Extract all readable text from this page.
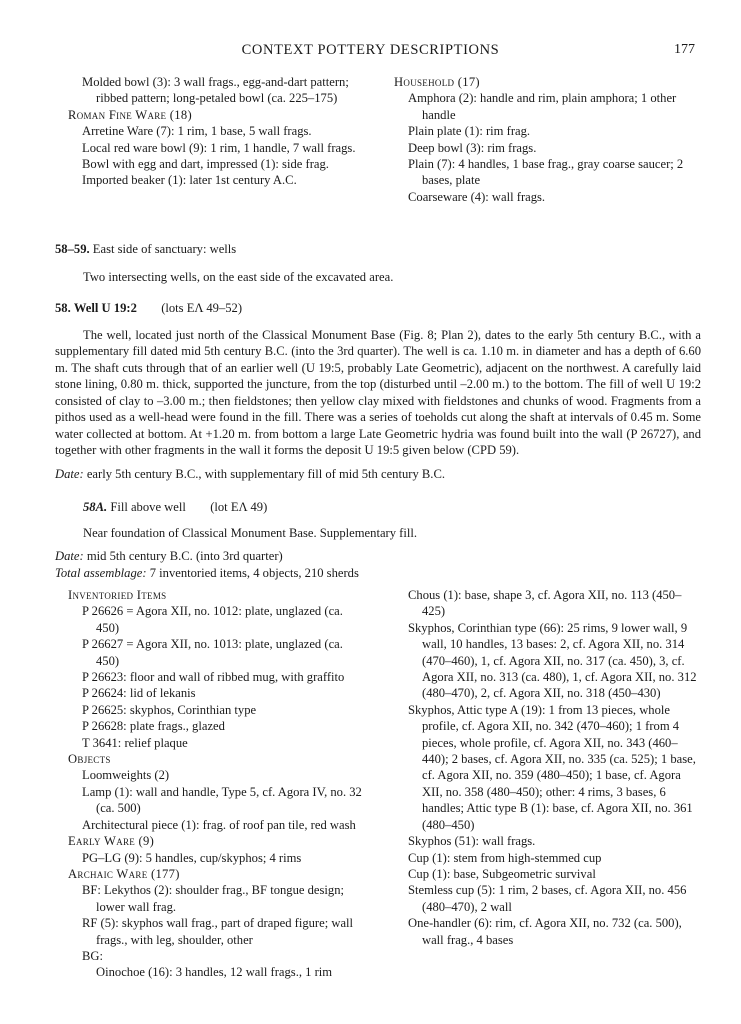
CONTEXT POTTERY DESCRIPTIONS	177
Molded bowl (3): 3 wall frags., egg-and-dart pattern; ribbed pattern; long-petaled bowl (ca. 225–175)
Roman Fine Ware (18)
Arretine Ware (7): 1 rim, 1 base, 5 wall frags.
Local red ware bowl (9): 1 rim, 1 handle, 7 wall frags.
Bowl with egg and dart, impressed (1): side frag.
Imported beaker (1): later 1st century A.C.
Household (17)
Amphora (2): handle and rim, plain amphora; 1 other handle
Plain plate (1): rim frag.
Deep bowl (3): rim frags.
Plain (7): 4 handles, 1 base frag., gray coarse saucer; 2 bases, plate
Coarseware (4): wall frags.
58–59. East side of sanctuary: wells
Two intersecting wells, on the east side of the excavated area.
58. Well U 19:2 (lots EΛ 49–52)
The well, located just north of the Classical Monument Base (Fig. 8; Plan 2), dates to the early 5th century B.C., with a supplementary fill dated mid 5th century B.C. (into the 3rd quarter). The well is ca. 1.10 m. in diameter and has a depth of 6.60 m. The shaft cuts through that of an earlier well (U 19:5, probably Late Geometric), adjacent on the northwest. A carefully laid stone lining, 0.80 m. thick, supported the juncture, from the top (disturbed until –2.00 m.) to the bottom. The fill of well U 19:2 consisted of clay to –3.00 m.; then fieldstones; then yellow clay mixed with fieldstones and chunks of wood. Fragments from a pithos used as a well-head were found in the fill. There was a series of toeholds cut along the shaft at intervals of 0.45 m. Some water collected at bottom. At +1.20 m. from bottom a large Late Geometric hydria was found built into the wall (P 26727), and together with other fragments in the wall it forms the deposit U 19:5 given below (CPD 59).
Date: early 5th century B.C., with supplementary fill of mid 5th century B.C.
58A. Fill above well (lot EΛ 49)
Near foundation of Classical Monument Base. Supplementary fill.
Date: mid 5th century B.C. (into 3rd quarter)
Total assemblage: 7 inventoried items, 4 objects, 210 sherds
Inventoried Items
P 26626 = Agora XII, no. 1012: plate, unglazed (ca. 450)
P 26627 = Agora XII, no. 1013: plate, unglazed (ca. 450)
P 26623: floor and wall of ribbed mug, with graffito
P 26624: lid of lekanis
P 26625: skyphos, Corinthian type
P 26628: plate frags., glazed
T 3641: relief plaque
Objects
Loomweights (2)
Lamp (1): wall and handle, Type 5, cf. Agora IV, no. 32 (ca. 500)
Architectural piece (1): frag. of roof pan tile, red wash
Early Ware (9)
PG–LG (9): 5 handles, cup/skyphos; 4 rims
Archaic Ware (177)
BF: Lekythos (2): shoulder frag., BF tongue design; lower wall frag.
RF (5): skyphos wall frag., part of draped figure; wall frags., with leg, shoulder, other
BG:
Oinochoe (16): 3 handles, 12 wall frags., 1 rim
Chous (1): base, shape 3, cf. Agora XII, no. 113 (450–425)
Skyphos, Corinthian type (66): 25 rims, 9 lower wall, 9 wall, 10 handles, 13 bases: 2, cf. Agora XII, no. 314 (470–460), 1, cf. Agora XII, no. 317 (ca. 450), 3, cf. Agora XII, no. 313 (ca. 480), 1, cf. Agora XII, no. 312 (480–470), 2, cf. Agora XII, no. 318 (450–430)
Skyphos, Attic type A (19): 1 from 13 pieces, whole profile, cf. Agora XII, no. 342 (470–460); 1 from 4 pieces, whole profile, cf. Agora XII, no. 343 (460–440); 2 bases, cf. Agora XII, no. 335 (ca. 525); 1 base, cf. Agora XII, no. 359 (480–450); 1 base, cf. Agora XII, no. 358 (480–450); other: 4 rims, 3 bases, 6 handles; Attic type B (1): base, cf. Agora XII, no. 361 (480–450)
Skyphos (51): wall frags.
Cup (1): stem from high-stemmed cup
Cup (1): base, Subgeometric survival
Stemless cup (5): 1 rim, 2 bases, cf. Agora XII, no. 456 (480–470), 2 wall
One-handler (6): rim, cf. Agora XII, no. 732 (ca. 500), wall frag., 4 bases
